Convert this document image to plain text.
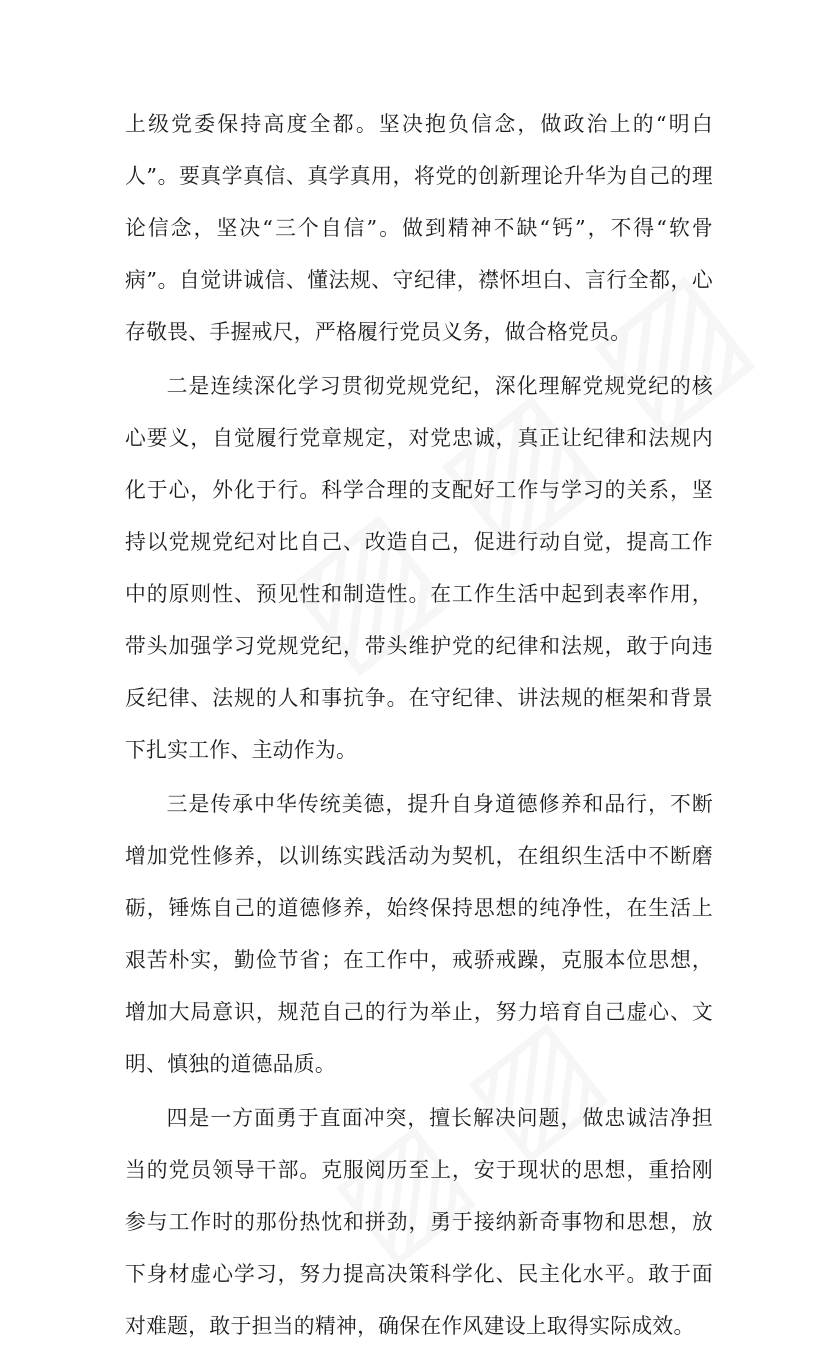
上级党委保持高度全都。坚决抱负信念，做政治上的“明白人”。要真学真信、真学真用，将党的创新理论升华为自己的理论信念，坚决“三个自信”。做到精神不缺“钙”，不得“软骨病”。自觉讲诚信、懂法规、守纪律，襟怀坦白、言行全都，心存敬畏、手握戒尺，严格履行党员义务，做合格党员。

二是连续深化学习贯彻党规党纪，深化理解党规党纪的核心要义，自觉履行党章规定，对党忠诚，真正让纪律和法规内化于心，外化于行。科学合理的支配好工作与学习的关系，坚持以党规党纪对比自己、改造自己，促进行动自觉，提高工作中的原则性、预见性和制造性。在工作生活中起到表率作用，带头加强学习党规党纪，带头维护党的纪律和法规，敢于向违反纪律、法规的人和事抗争。在守纪律、讲法规的框架和背景下扎实工作、主动作为。

三是传承中华传统美德，提升自身道德修养和品行，不断增加党性修养，以训练实践活动为契机，在组织生活中不断磨砺，锤炼自己的道德修养，始终保持思想的纯净性，在生活上艰苦朴实，勤俭节省；在工作中，戒骄戒躁，克服本位思想，增加大局意识，规范自己的行为举止，努力培育自己虚心、文明、慎独的道德品质。

四是一方面勇于直面冲突，擅长解决问题，做忠诚洁净担当的党员领导干部。克服阅历至上，安于现状的思想，重拾刚参与工作时的那份热忱和拼劲，勇于接纳新奇事物和思想，放下身材虚心学习，努力提高决策科学化、民主化水平。敢于面对难题，敢于担当的精神，确保在作风建设上取得实际成效。
